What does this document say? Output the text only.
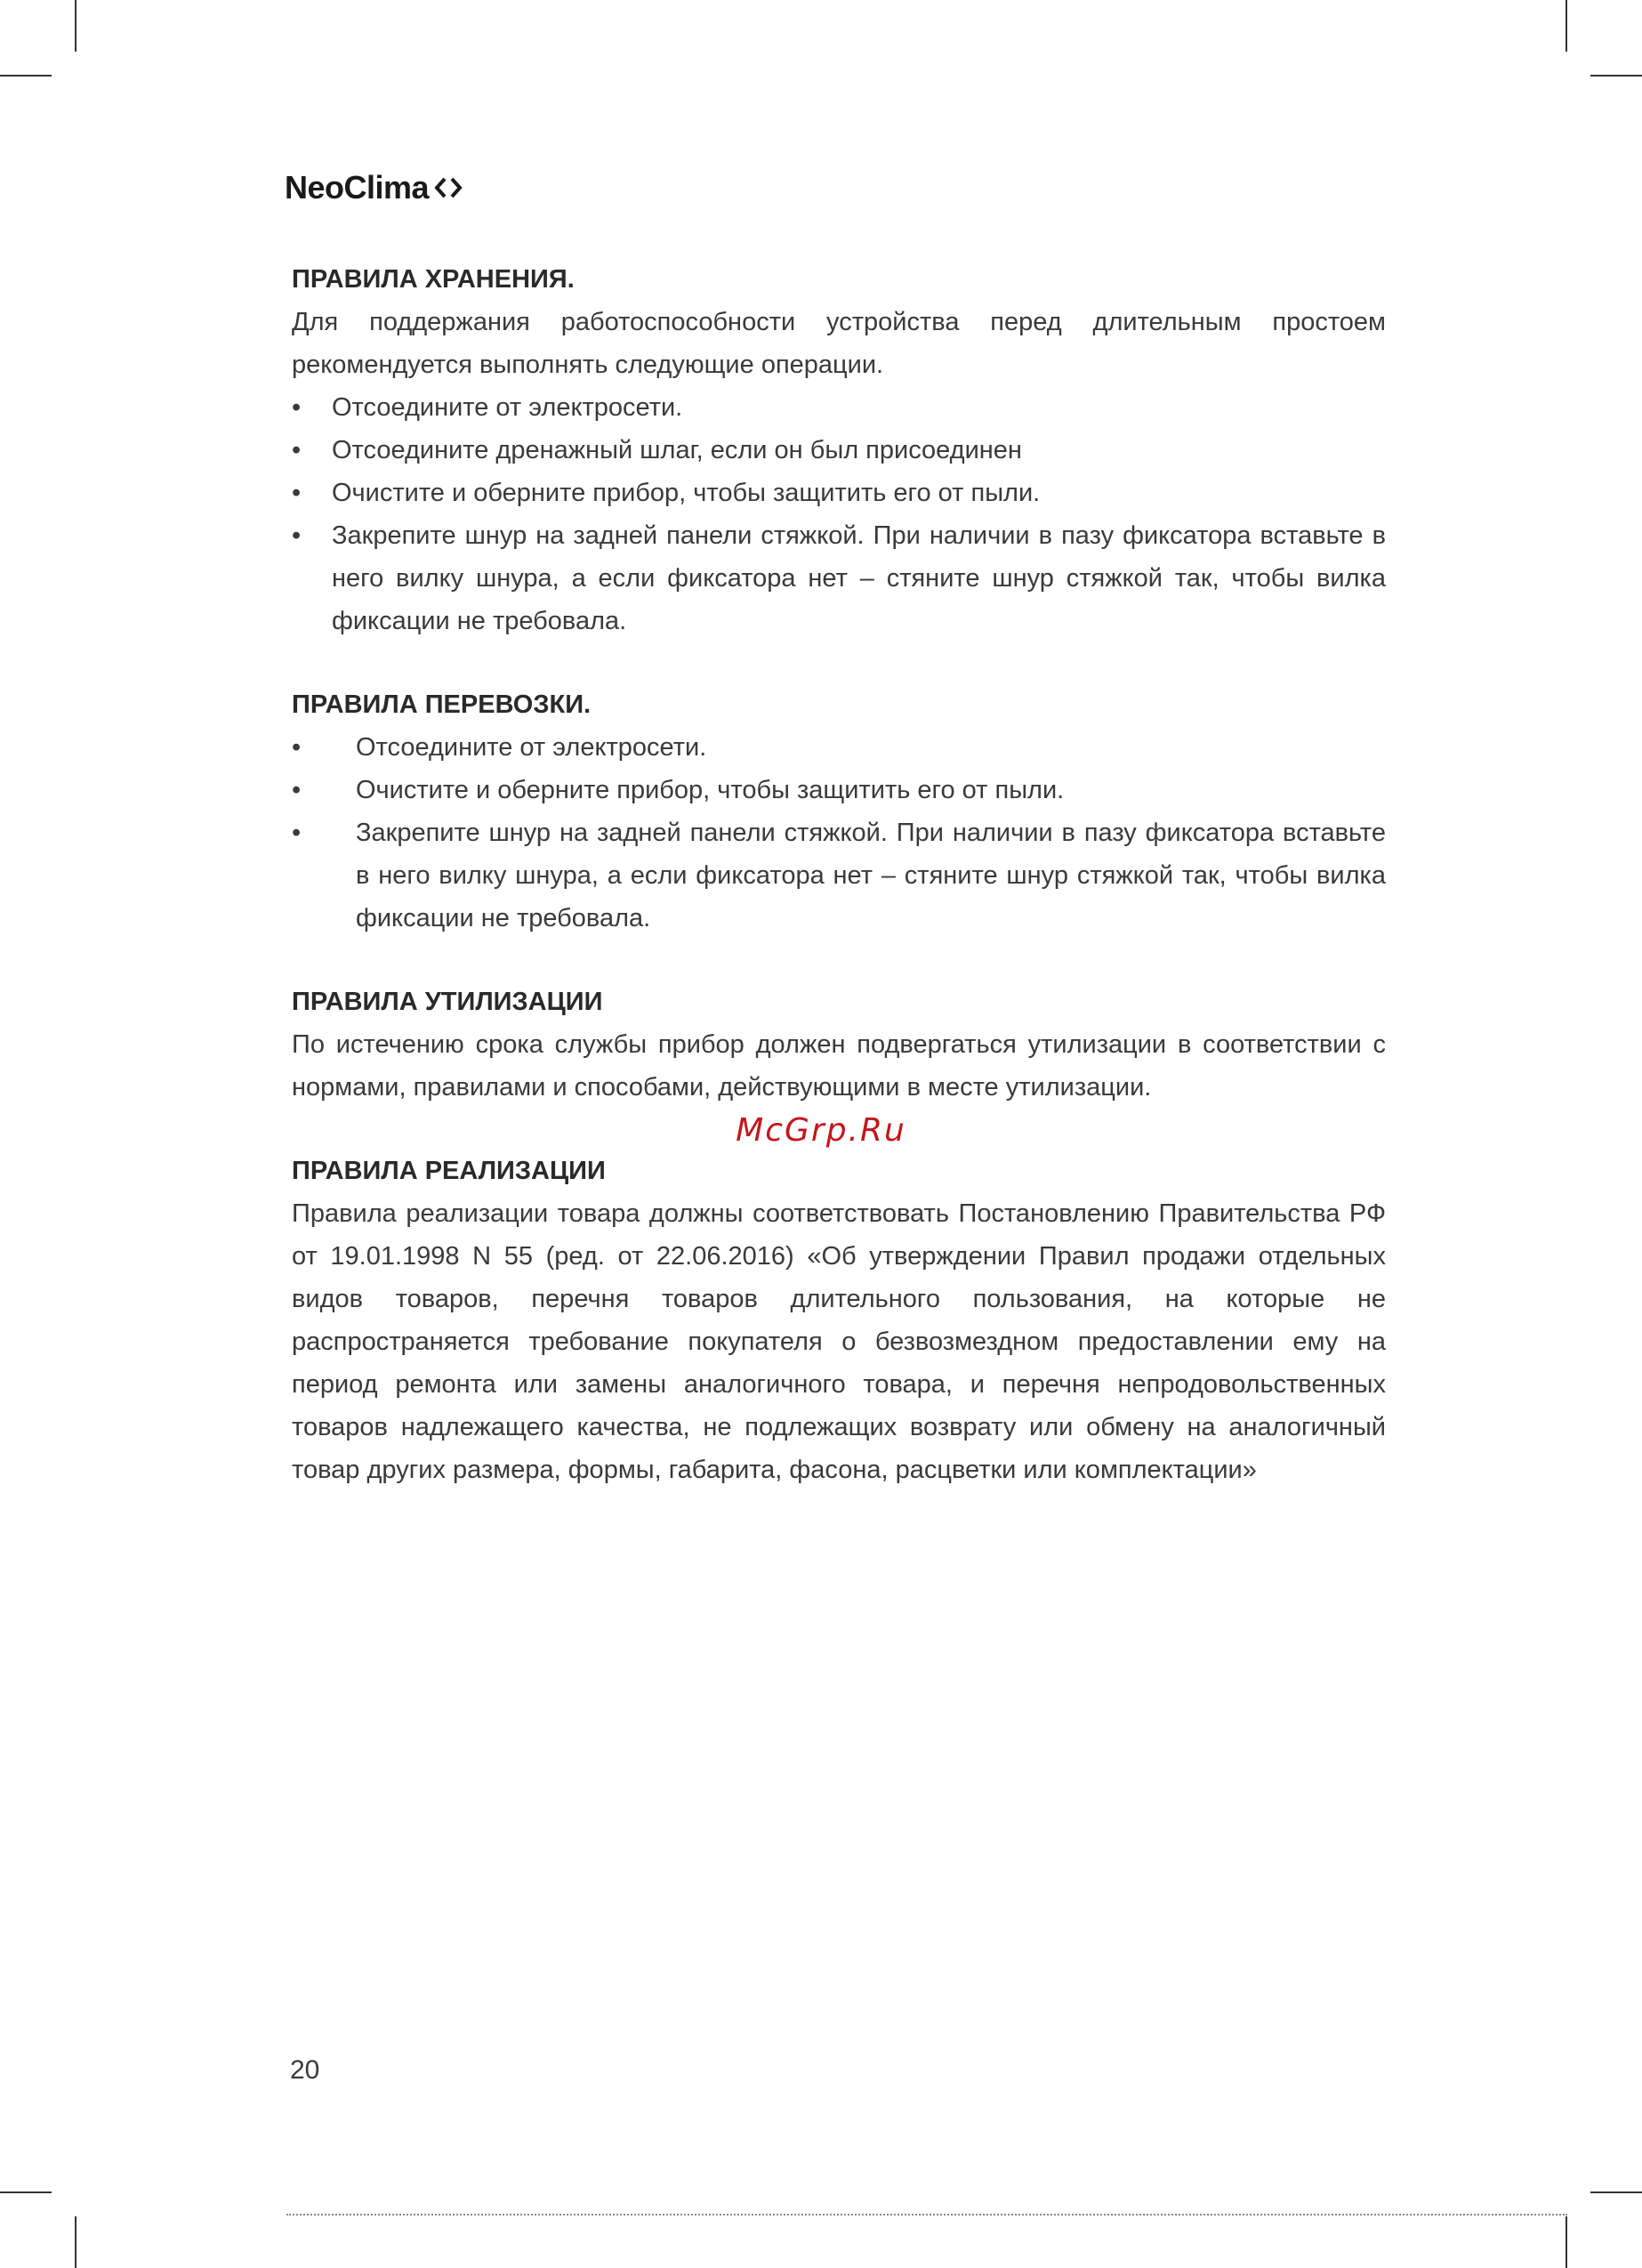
NeoClima
ПРАВИЛА ХРАНЕНИЯ.

Для поддержания работоспособности устройства перед длительным простоем рекомендуется выполнять следующие операции.

• Отсоедините от электросети.
• Отсоедините дренажный шлаг, если он был присоединен
• Очистите и оберните прибор, чтобы защитить его от пыли.
• Закрепите шнур на задней панели стяжкой. При наличии в пазу фиксатора вставьте в него вилку шнура, а если фиксатора нет – стяните шнур стяжкой так, чтобы вилка фиксации не требовала.
ПРАВИЛА ПЕРЕВОЗКИ.
• Отсоедините от электросети.
• Очистите и оберните прибор, чтобы защитить его от пыли.
• Закрепите шнур на задней панели стяжкой. При наличии в пазу фиксатора вставьте в него вилку шнура, а если фиксатора нет – стяните шнур стяжкой так, чтобы вилка фиксации не требовала.
ПРАВИЛА УТИЛИЗАЦИИ

По истечению срока службы прибор должен подвергаться утилизации в соответствии с нормами, правилами и способами, действующими в месте утилизации.

ПРАВИЛА РЕАЛИЗАЦИИ

Правила реализации товара должны соответствовать Постановлению Правительства РФ от 19.01.1998 N 55 (ред. от 22.06.2016) «Об утверждении Правил продажи отдельных видов товаров, перечня товаров длительного пользования, на которые не распространяется требование покупателя о безвозмездном предоставлении ему на период ремонта или замены аналогичного товара, и перечня непродовольственных товаров надлежащего качества, не подлежащих возврату или обмену на аналогичный товар других размера, формы, габарита, фасона, расцветки или комплектации»

McGrp.Ru
20
